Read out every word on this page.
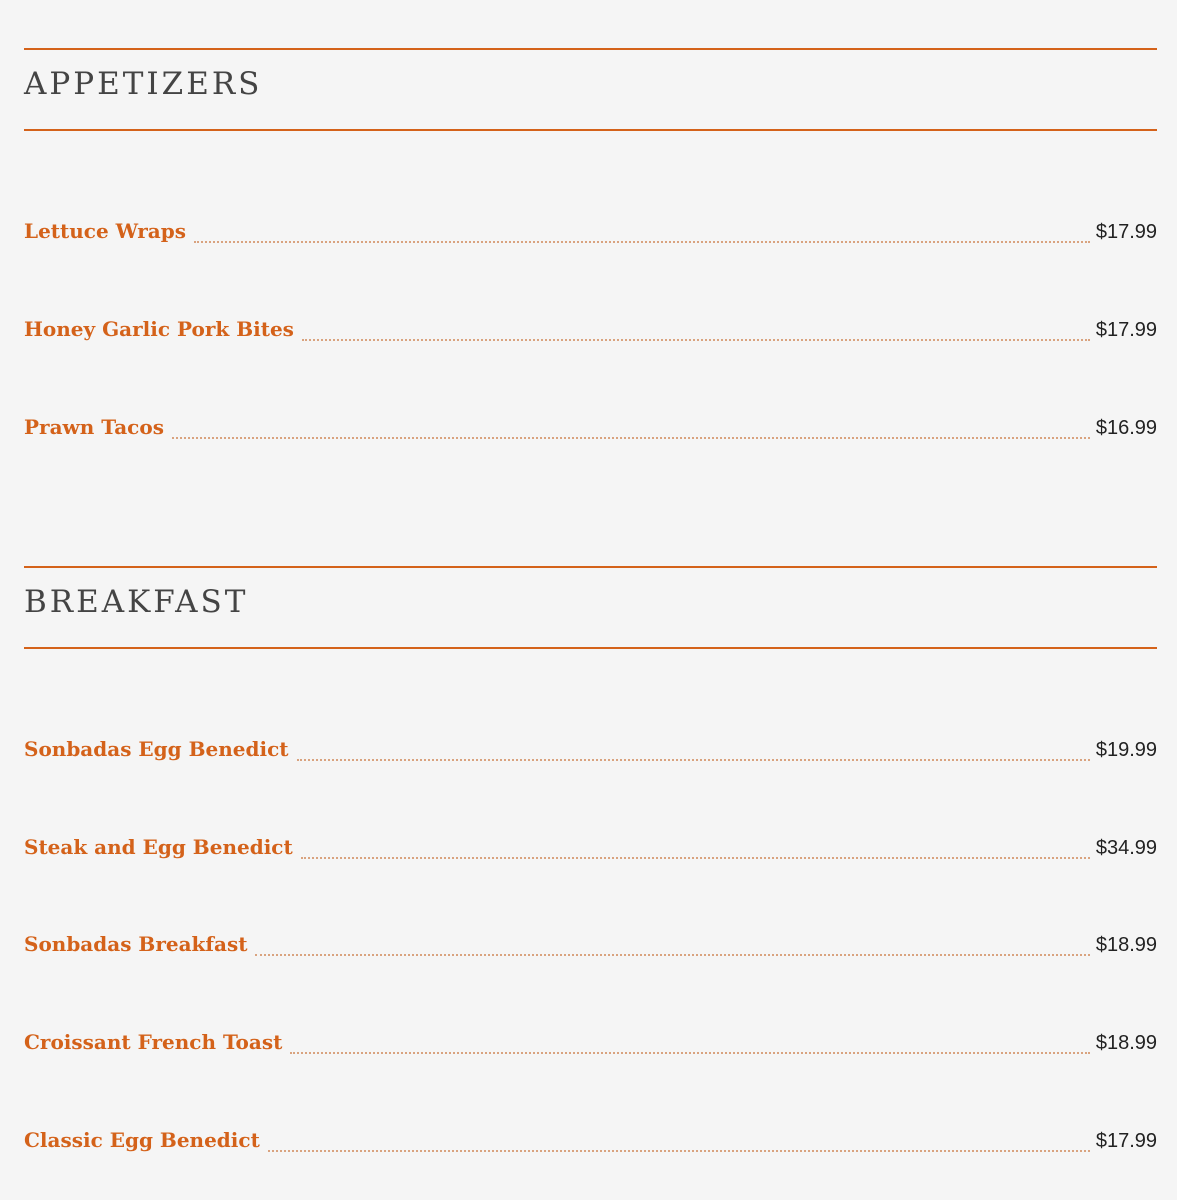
APPETIZERS
Lettuce Wraps	$17.99
Honey Garlic Pork Bites	$17.99
Prawn Tacos	$16.99
BREAKFAST
Sonbadas Egg Benedict	$19.99
Steak and Egg Benedict	$34.99
Sonbadas Breakfast	$18.99
Croissant French Toast	$18.99
Classic Egg Benedict	$17.99
